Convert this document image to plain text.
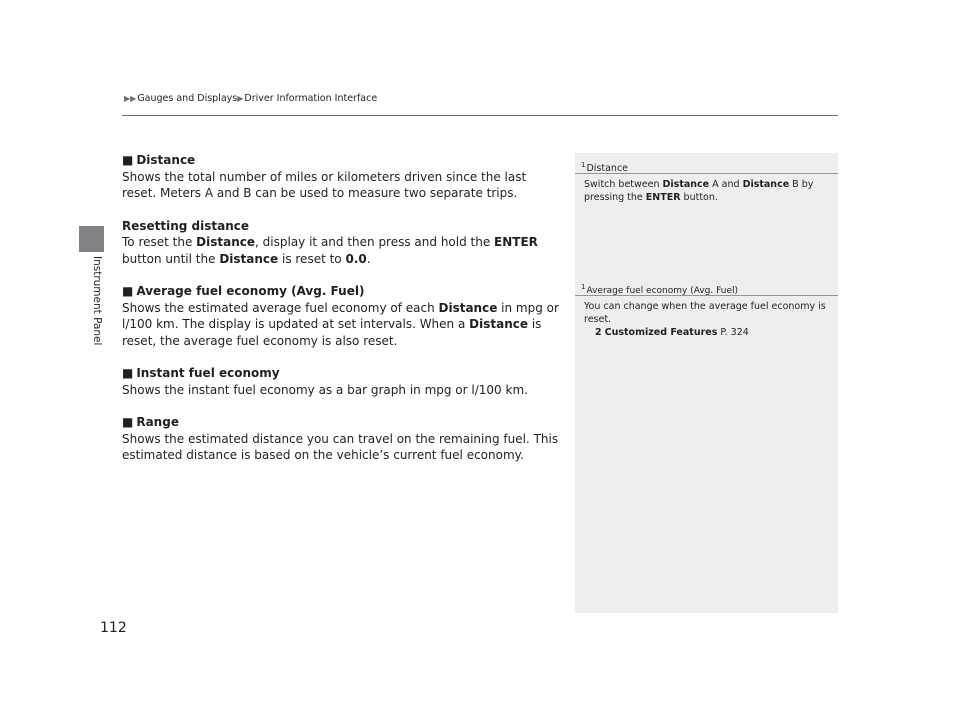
▶▶Gauges and Displays▶Driver Information Interface
Instrument Panel
■ Distance

Shows the total number of miles or kilometers driven since the last reset. Meters A and B can be used to measure two separate trips.

Resetting distance

To reset the Distance, display it and then press and hold the ENTER button until the Distance is reset to 0.0.

■ Average fuel economy (Avg. Fuel)

Shows the estimated average fuel economy of each Distance in mpg or l/100 km. The display is updated at set intervals. When a Distance is reset, the average fuel economy is also reset.

■ Instant fuel economy

Shows the instant fuel economy as a bar graph in mpg or l/100 km.

■ Range

Shows the estimated distance you can travel on the remaining fuel. This estimated distance is based on the vehicle’s current fuel economy.

$^1$Distance
Switch between Distance A and Distance B by pressing the ENTER button.
$^1$Average fuel economy (Avg. Fuel)
You can change when the average fuel economy is reset.
2 Customized Features P. 324
112
